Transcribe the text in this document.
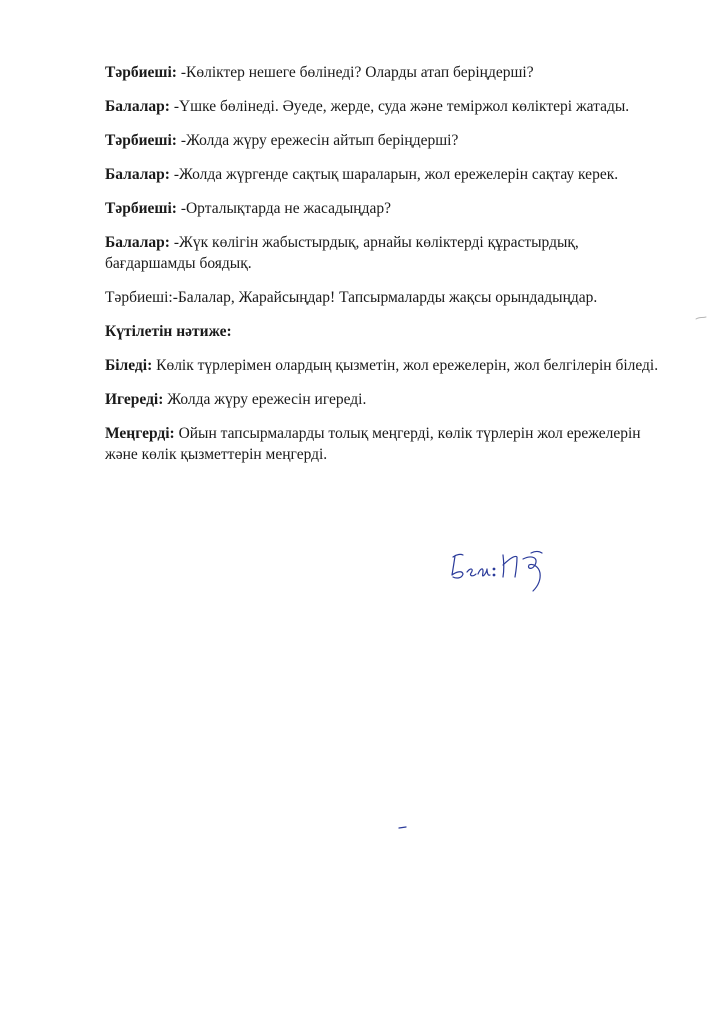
Тәрбиеші: -Көліктер нешеге бөлінеді? Оларды атап беріңдерші?

Балалар: -Үшке бөлінеді. Әуеде, жерде, суда және теміржол көліктері жатады.

Тәрбиеші: -Жолда жүру ережесін айтып беріңдерші?

Балалар: -Жолда жүргенде сақтық шараларын, жол ережелерін сақтау керек.

Тәрбиеші: -Орталықтарда не жасадыңдар?

Балалар: -Жүк көлігін жабыстырдық, арнайы көліктерді құрастырдық, бағдаршамды боядық.

Тәрбиеші:-Балалар, Жарайсыңдар! Тапсырмаларды жақсы орындадыңдар.

Күтілетін нәтиже:

Біледі: Көлік түрлерімен олардың қызметін, жол ережелерін, жол белгілерін біледі.

Игереді: Жолда жүру ережесін игереді.

Меңгерді: Ойын тапсырмаларды толық меңгерді, көлік түрлерін жол ережелерін және көлік қызметтерін меңгерді.
